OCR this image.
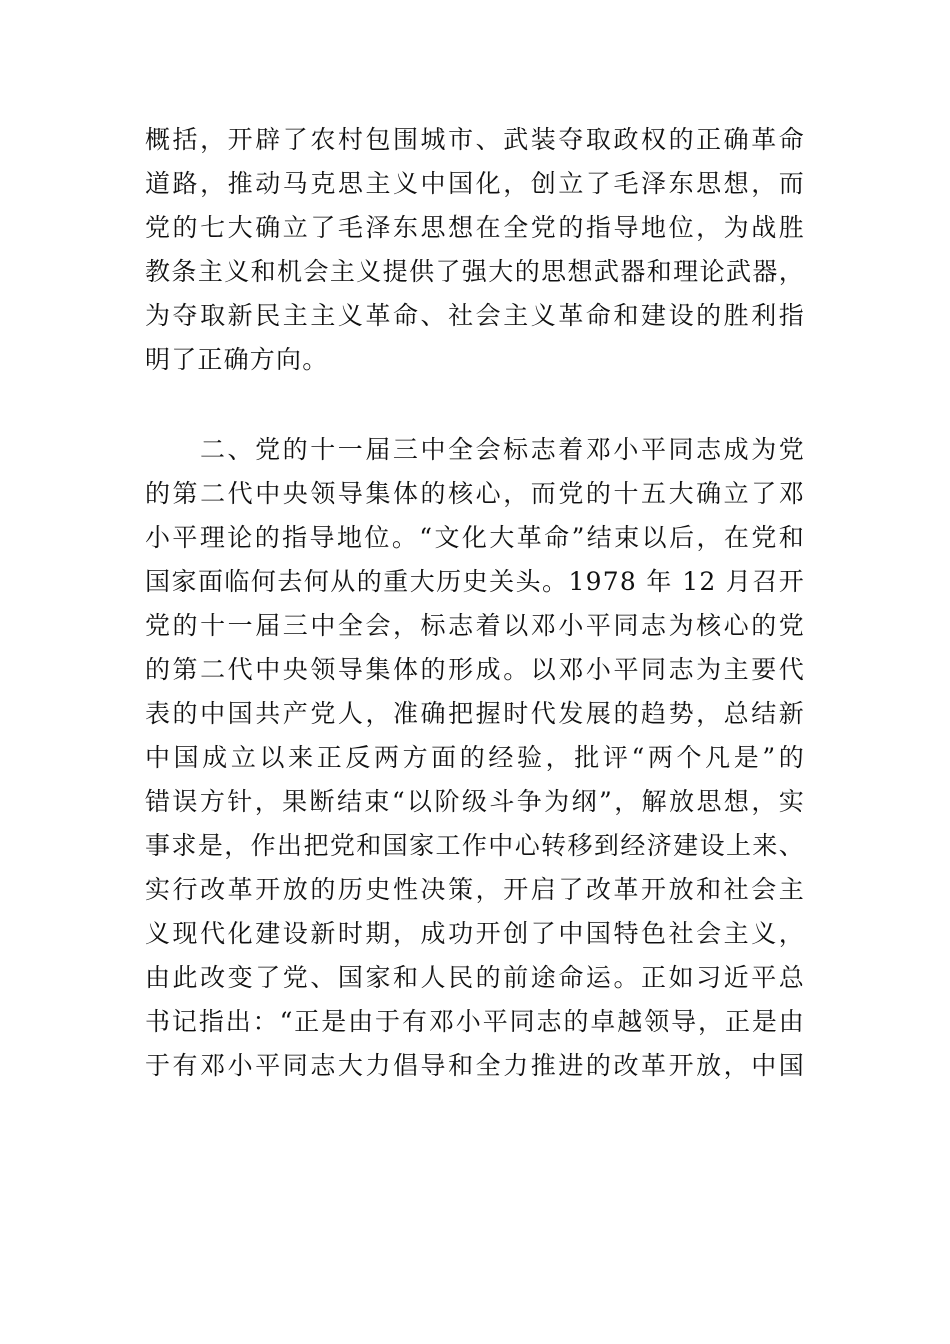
概括，开辟了农村包围城市、武装夺取政权的正确革命
道路，推动马克思主义中国化，创立了毛泽东思想，而
党的七大确立了毛泽东思想在全党的指导地位，为战胜
教条主义和机会主义提供了强大的思想武器和理论武器，
为夺取新民主主义革命、社会主义革命和建设的胜利指
明了正确方向。
二、党的十一届三中全会标志着邓小平同志成为党
的第二代中央领导集体的核心，而党的十五大确立了邓
小平理论的指导地位。“文化大革命”结束以后，在党和
国家面临何去何从的重大历史关头。1978 年 12 月召开
党的十一届三中全会，标志着以邓小平同志为核心的党
的第二代中央领导集体的形成。以邓小平同志为主要代
表的中国共产党人，准确把握时代发展的趋势，总结新
中国成立以来正反两方面的经验，批评“两个凡是”的
错误方针，果断结束“以阶级斗争为纲”，解放思想，实
事求是，作出把党和国家工作中心转移到经济建设上来、
实行改革开放的历史性决策，开启了改革开放和社会主
义现代化建设新时期，成功开创了中国特色社会主义，
由此改变了党、国家和人民的前途命运。正如习近平总
书记指出：“正是由于有邓小平同志的卓越领导，正是由
于有邓小平同志大力倡导和全力推进的改革开放，中国
